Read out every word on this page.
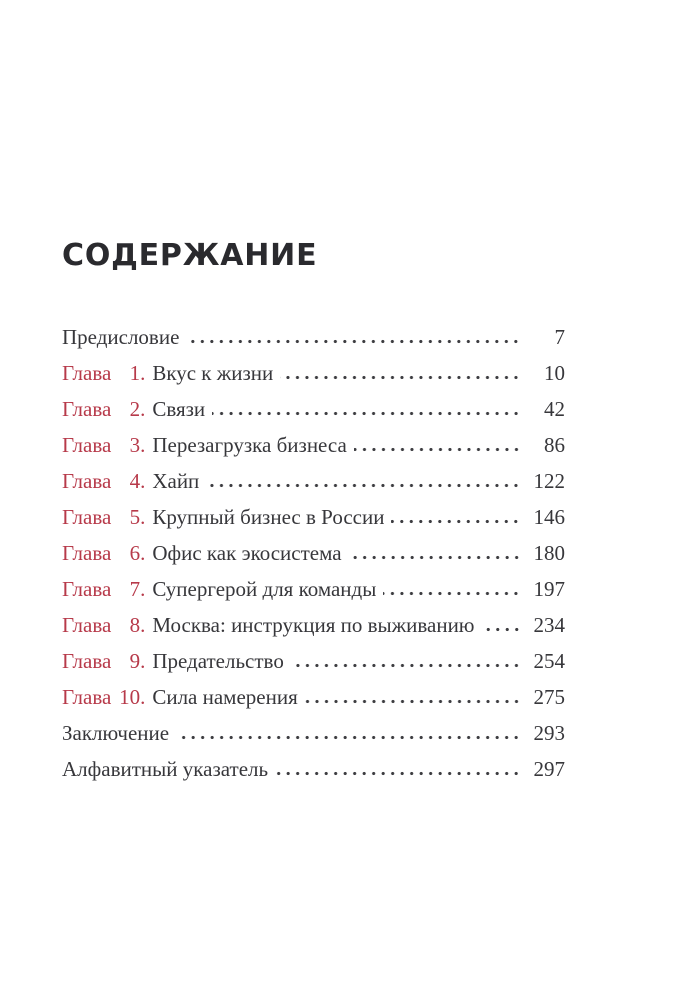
СОДЕРЖАНИЕ
Предисловие	7
Глава 1. Вкус к жизни	10
Глава 2. Связи	42
Глава 3. Перезагрузка бизнеса	86
Глава 4. Хайп	122
Глава 5. Крупный бизнес в России	146
Глава 6. Офис как экосистема	180
Глава 7. Супергерой для команды	197
Глава 8. Москва: инструкция по выживанию	234
Глава 9. Предательство	254
Глава 10. Сила намерения	275
Заключение	293
Алфавитный указатель	297
